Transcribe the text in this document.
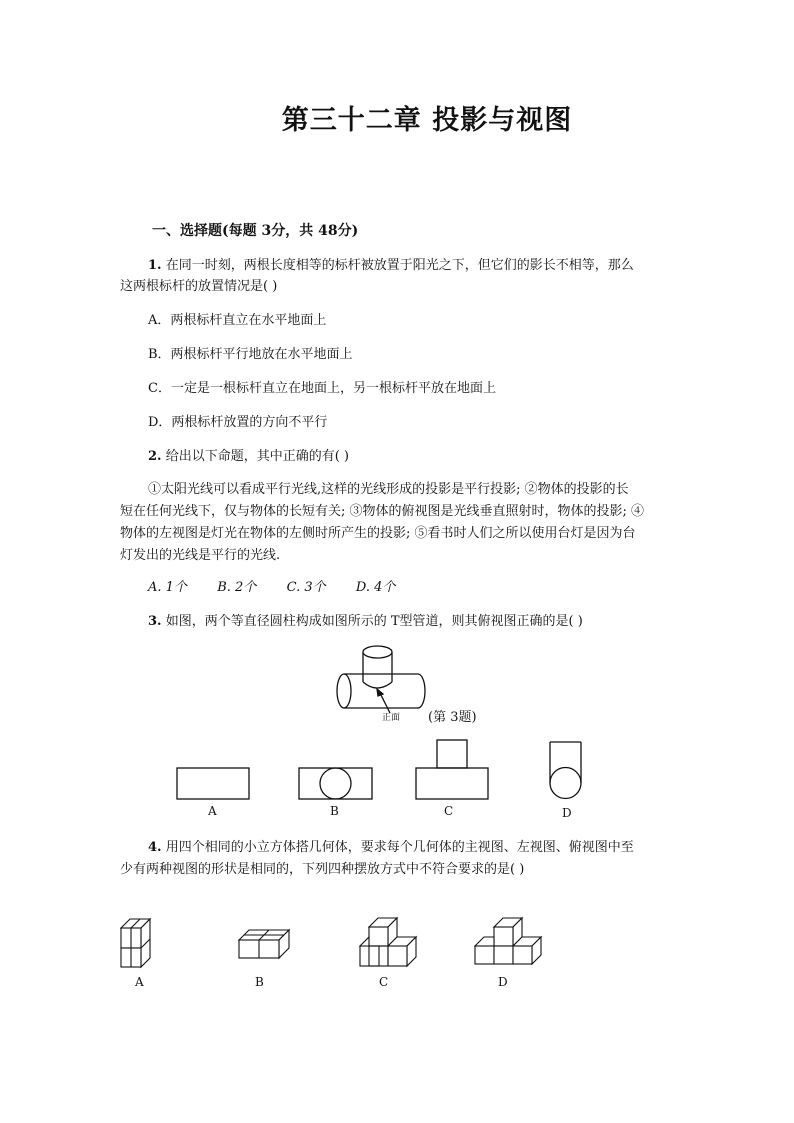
第三十二章 投影与视图
一、选择题(每题 3分，共 48分)
1. 在同一时刻，两根长度相等的标杆被放置于阳光之下，但它们的影长不相等，那么
这两根标杆的放置情况是( )
A．两根标杆直立在水平地面上
B．两根标杆平行地放在水平地面上
C．一定是一根标杆直立在地面上，另一根标杆平放在地面上
D．两根标杆放置的方向不平行
2. 给出以下命题，其中正确的有( )
①太阳光线可以看成平行光线,这样的光线形成的投影是平行投影; ②物体的投影的长
短在任何光线下，仅与物体的长短有关; ③物体的俯视图是光线垂直照射时，物体的投影; ④
物体的左视图是灯光在物体的左侧时所产生的投影; ⑤看书时人们之所以使用台灯是因为台
灯发出的光线是平行的光线.
A. 1个 B. 2个 C. 3个 D. 4个
3. 如图，两个等直径圆柱构成如图所示的 T型管道，则其俯视图正确的是( )
正面 (第 3题)
A	B	C	D
4. 用四个相同的小立方体搭几何体，要求每个几何体的主视图、左视图、俯视图中至
少有两种视图的形状是相同的，下列四种摆放方式中不符合要求的是( )
A	B	C	D
